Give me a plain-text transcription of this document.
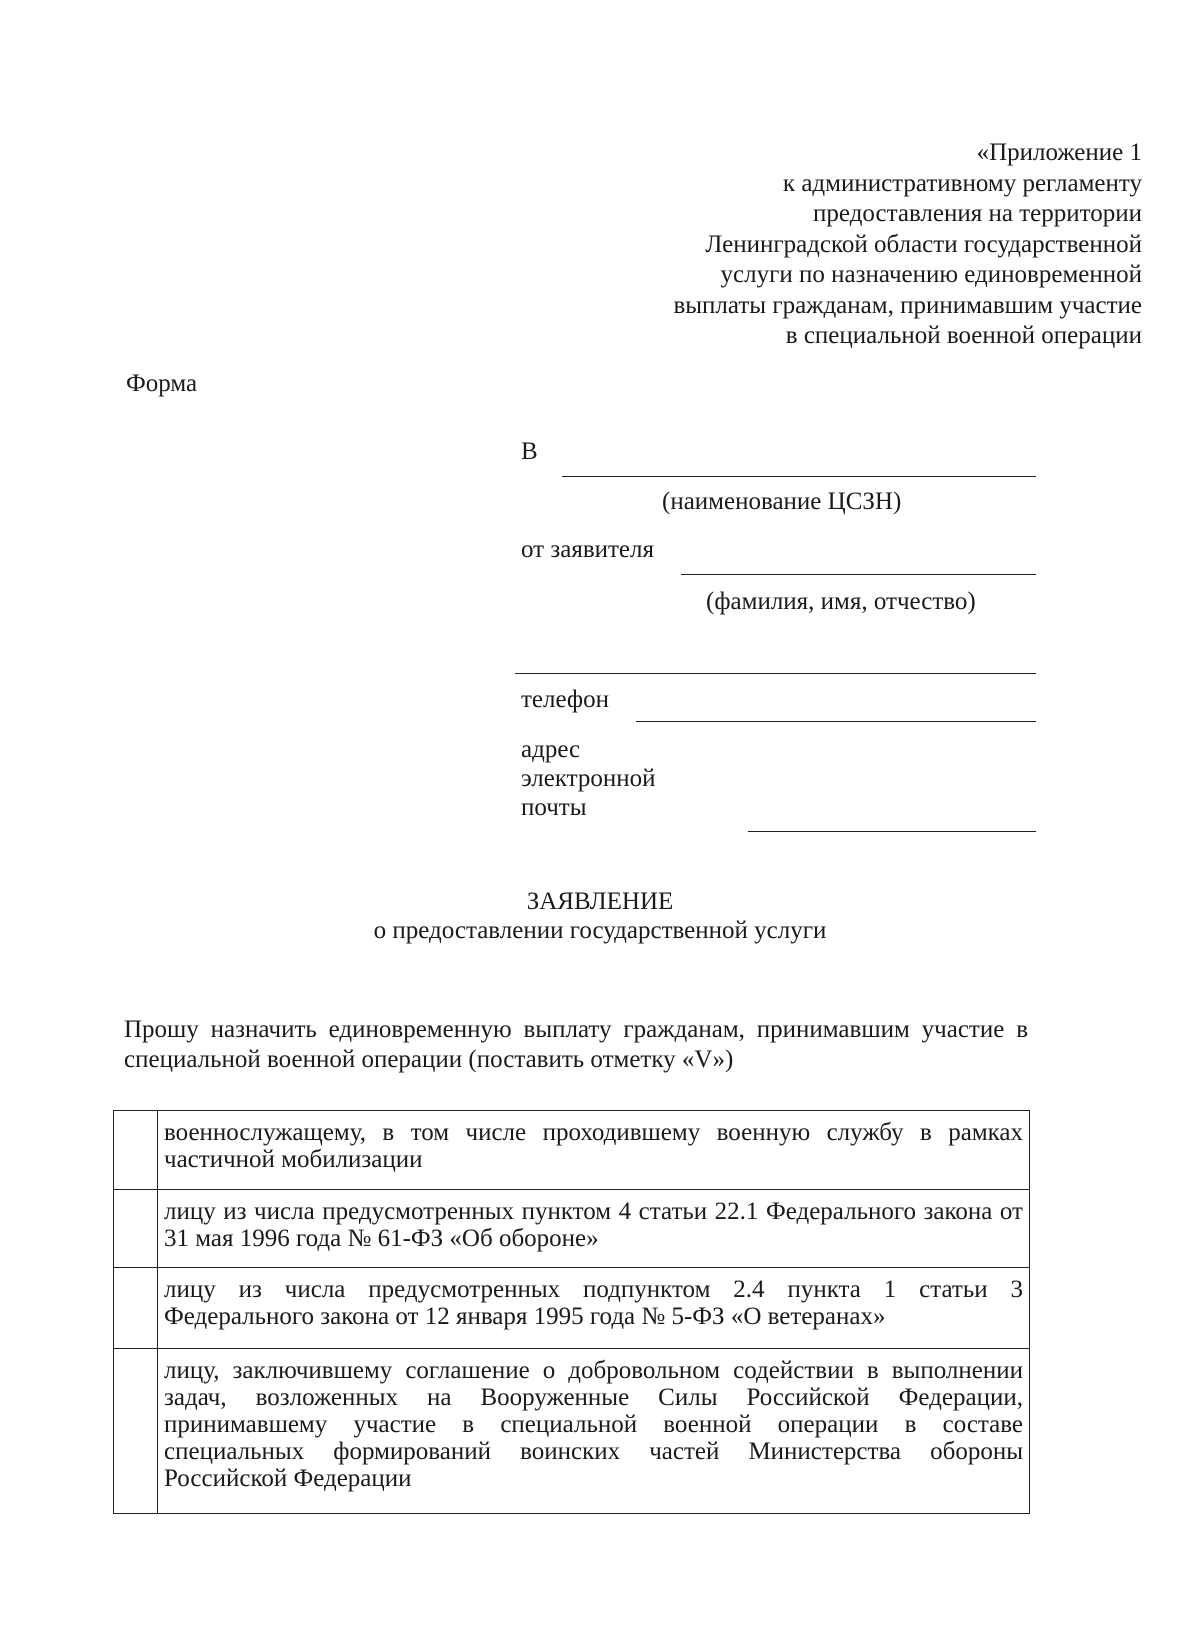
«Приложение 1
к административному регламенту
предоставления на территории
Ленинградской области государственной
услуги по назначению единовременной
выплаты гражданам, принимавшим участие
в специальной военной операции
Форма
В
(наименование ЦСЗН)
от заявителя
(фамилия, имя, отчество)
телефон
адрес
электронной
почты
ЗАЯВЛЕНИЕ
о предоставлении государственной услуги
Прошу назначить единовременную выплату гражданам, принимавшим участие в специальной военной операции (поставить отметку «V»)
	военнослужащему, в том числе проходившему военную службу в рамках частичной мобилизации

	лицу из числа предусмотренных пунктом 4 статьи 22.1 Федерального закона от 31 мая 1996 года № 61-ФЗ «Об обороне»

	лицу из числа предусмотренных подпунктом 2.4 пункта 1 статьи 3 Федерального закона от 12 января 1995 года № 5-ФЗ «О ветеранах»

	лицу, заключившему соглашение о добровольном содействии в выполнении задач, возложенных на Вооруженные Силы Российской Федерации, принимавшему участие в специальной военной операции в составе специальных формирований воинских частей Министерства обороны Российской Федерации
